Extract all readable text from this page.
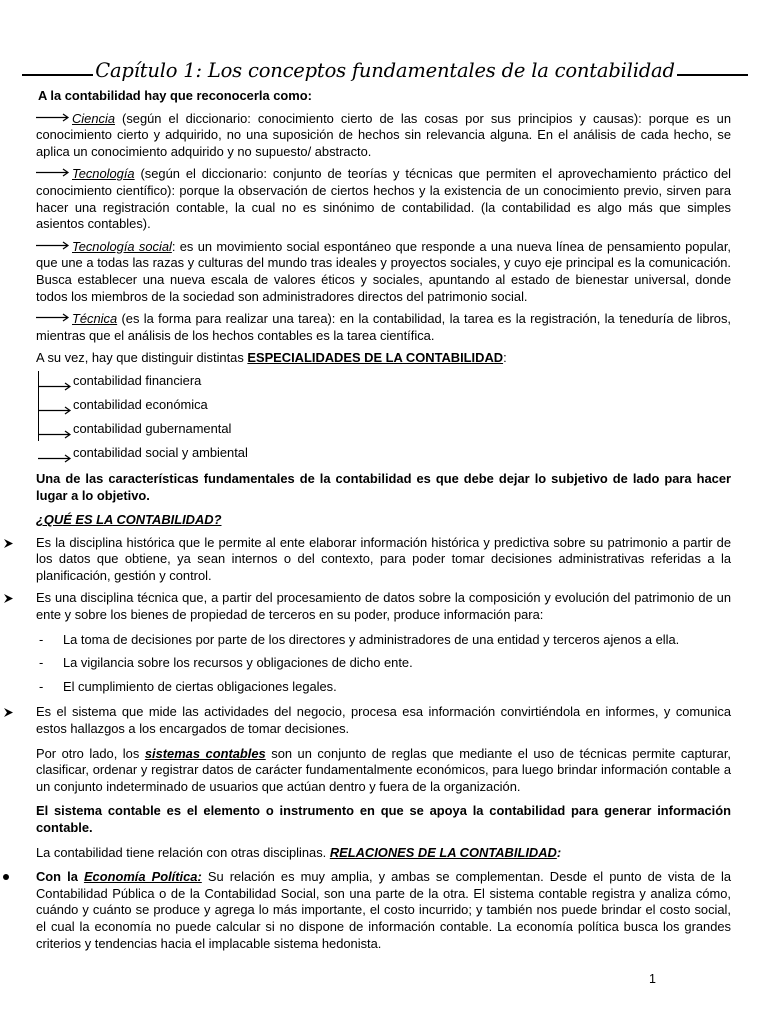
Capítulo 1: Los conceptos fundamentales de la contabilidad

A la contabilidad hay que reconocerla como:

Ciencia (según el diccionario: conocimiento cierto de las cosas por sus principios y causas): porque es un conocimiento cierto y adquirido, no una suposición de hechos sin relevancia alguna. En el análisis de cada hecho, se aplica un conocimiento adquirido y no supuesto/ abstracto.

Tecnología (según el diccionario: conjunto de teorías y técnicas que permiten el aprovechamiento práctico del conocimiento científico): porque la observación de ciertos hechos y la existencia de un conocimiento previo, sirven para hacer una registración contable, la cual no es sinónimo de contabilidad. (la contabilidad es algo más que simples asientos contables).

Tecnología social: es un movimiento social espontáneo que responde a una nueva línea de pensamiento popular, que une a todas las razas y culturas del mundo tras ideales y proyectos sociales, y cuyo eje principal es la comunicación. Busca establecer una nueva escala de valores éticos y sociales, apuntando al estado de bienestar universal, donde todos los miembros de la sociedad son administradores directos del patrimonio social.

Técnica (es la forma para realizar una tarea): en la contabilidad, la tarea es la registración, la teneduría de libros, mientras que el análisis de los hechos contables es la tarea científica.

A su vez, hay que distinguir distintas ESPECIALIDADES DE LA CONTABILIDAD:

contabilidad financiera
contabilidad económica
contabilidad gubernamental
contabilidad social y ambiental

Una de las características fundamentales de la contabilidad es que debe dejar lo subjetivo de lado para hacer lugar a lo objetivo.

¿QUÉ ES LA CONTABILIDAD?

Es la disciplina histórica que le permite al ente elaborar información histórica y predictiva sobre su patrimonio a partir de los datos que obtiene, ya sean internos o del contexto, para poder tomar decisiones administrativas referidas a la planificación, gestión y control.

Es una disciplina técnica que, a partir del procesamiento de datos sobre la composición y evolución del patrimonio de un ente y sobre los bienes de propiedad de terceros en su poder, produce información para:

- La toma de decisiones por parte de los directores y administradores de una entidad y terceros ajenos a ella.
- La vigilancia sobre los recursos y obligaciones de dicho ente.
- El cumplimiento de ciertas obligaciones legales.

Es el sistema que mide las actividades del negocio, procesa esa información convirtiéndola en informes, y comunica estos hallazgos a los encargados de tomar decisiones.

Por otro lado, los sistemas contables son un conjunto de reglas que mediante el uso de técnicas permite capturar, clasificar, ordenar y registrar datos de carácter fundamentalmente económicos, para luego brindar información contable a un conjunto indeterminado de usuarios que actúan dentro y fuera de la organización.

El sistema contable es el elemento o instrumento en que se apoya la contabilidad para generar información contable.

La contabilidad tiene relación con otras disciplinas. RELACIONES DE LA CONTABILIDAD:

Con la Economía Política: Su relación es muy amplia, y ambas se complementan. Desde el punto de vista de la Contabilidad Pública o de la Contabilidad Social, son una parte de la otra. El sistema contable registra y analiza cómo, cuándo y cuánto se produce y agrega lo más importante, el costo incurrido; y también nos puede brindar el costo social, el cual la economía no puede calcular si no dispone de información contable. La economía política busca los grandes criterios y tendencias hacia el implacable sistema hedonista.

1
